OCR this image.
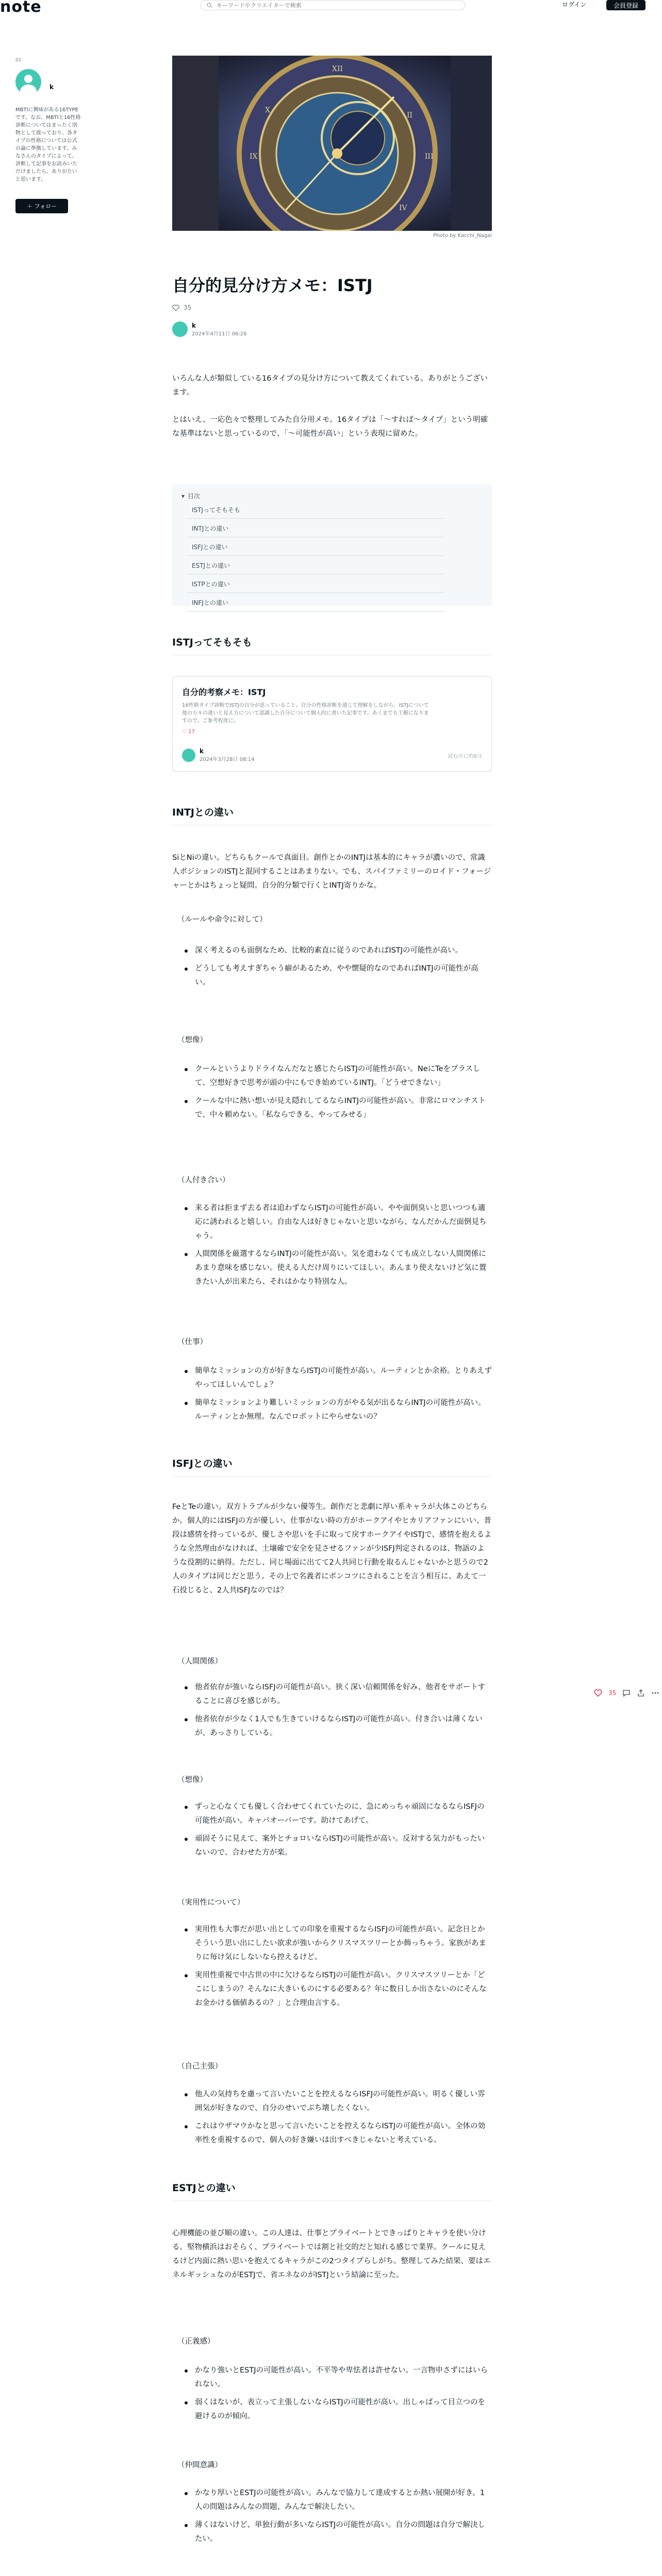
note
キーワードやクリエイターで検索	ログイン	会員登録
01
k
MBTIに興味がある16TYPEです。なお、MBTIと16性格診断についてはまったく別物として扱っており、各タイプの性格については公式の論に準拠しています。みなさんのタイプによって、診断して記事をお読みいただけましたら、ありがたいと思います。
＋ フォロー
XII
II
III
IX
X
IV
Photo by Kacchi_Nagai
自分的見分け方メモ：ISTJ
35
k
2024年4月11日 06:26

いろんな人が類似している16タイプの見分け方について教えてくれている。ありがとうございます。

とはいえ、一応色々で整理してみた自分用メモ。16タイプは「〜すれば〜タイプ」という明確な基準はないと思っているので、「〜可能性が高い」という表現に留めた。

▾ 目次
ISTJってそもそも
INTJとの違い
ISFJとの違い
ESTJとの違い
ISTPとの違い
INFJとの違い
ISTJってそもそも
自分的考察メモ：ISTJ
16性格タイプ診断でISTJの自分が思っていること。自分の性格診断を通じて理解をしながら、ISTJについて他の方々の違いと見え方について認識した自分について個人的に書いた記事です。あくまでも主観になりますので、ご参考程度に。
♡ 17
k
2024年3月28日 08:14
読むのに約8分
INTJとの違い

SiとNiの違い。どちらもクールで真面目。創作とかのINTJは基本的にキャラが濃いので、常識人ポジションのISTJと混同することはあまりない。でも、スパイファミリーのロイド・フォージャーとかはちょっと疑問。自分的分類で行くとINTJ寄りかな。

（ルールや命令に対して）
深く考えるのも面倒なため、比較的素直に従うのであればISTJの可能性が高い。
どうしても考えすぎちゃう癖があるため、やや懐疑的なのであればINTJの可能性が高い。
（想像）
クールというよりドライなんだなと感じたらISTJの可能性が高い。NeにTeをプラスして、空想好きで思考が頭の中にもでき始めているINTJ。「どうせできない」
クールな中に熱い想いが見え隠れしてるならINTJの可能性が高い。非常にロマンチストで、中々頼めない。「私ならできる、やってみせる」
（人付き合い）
来る者は拒まず去る者は追わずならISTJの可能性が高い。やや面倒臭いと思いつつも適応に誘われると嬉しい。自由な人は好きじゃないと思いながら、なんだかんだ面倒見ちゃう。
人間関係を厳選するならINTJの可能性が高い。気を遣わなくても成立しない人間関係にあまり意味を感じない。使える人だけ周りにいてほしい。あんまり使えないけど気に置きたい人が出来たら、それはかなり特別な人。
（仕事）
簡単なミッションの方が好きならISTJの可能性が高い。ルーティンとか余裕。とりあえずやってほしいんでしょ？
簡単なミッションより難しいミッションの方がやる気が出るならINTJの可能性が高い。ルーティンとか無理。なんでロボットにやらせないの？
ISFJとの違い

FeとTeの違い。双方トラブルが少ない優等生。創作だと悲劇に厚い系キャラが大体このどちらか。個人的にはISFJの方が優しい、仕事がない時の方がホークアイやヒカリアファンにいい、普段は感情を持っているが、優しさや思いを手に取って戻すホークアイやISTJで、感情を抱えるような全然理由がなければ、土壌確で安全を見させるファンが少ISFJ判定されるのは、物語のような役割的に納得。ただし、同じ場面に出てて2人共同じ行動を取るんじゃないかと思うので2人のタイプは同じだと思う。その上で名義者にポンコツにされることを言う相互に、あえて一石投じると、2人共ISFJなのでは？

（人間関係）
他者依存が強いならISFJの可能性が高い。狭く深い信頼関係を好み、他者をサポートすることに喜びを感じがち。
他者依存が少なく1人でも生きていけるならISTJの可能性が高い。付き合いは薄くないが、あっさりしている。
（想像）
ずっと心なくても優しく合わせてくれていたのに、急にめっちゃ頑固になるならISFJの可能性が高い。キャパオーバーです。助けてあげて。
頑固そうに見えて、案外とチョロいならISTJの可能性が高い。反対する気力がもったいないので、合わせた方が楽。
（実用性について）
実用性も大事だが思い出としての印象を重視するならISFJの可能性が高い。記念日とかそういう思い出にしたい欲求が強いからクリスマスツリーとか飾っちゃう。家族があまりに毎け気にしないなら控えるけど。
実用性重視で中古世の中に欠けるならISTJの可能性が高い。クリスマスツリーとか「どこにしまうの？そんなに大きいものにする必要ある？年に数日しか出さないのにそんなお金かける価値あるの？」と合理由言する。
（自己主張）
他人の気持ちを慮って言いたいことを控えるならISFJの可能性が高い。明るく優しい雰囲気が好きなので、自分のせいでぶち壊したくない。
これはウザマウかなと思って言いたいことを控えるならISTJの可能性が高い。全体の効率性を重視するので、個人の好き嫌いは出すべきじゃないと考えている。
ESTJとの違い

心理機能の並び順の違い。この人達は、仕事とプライベートとできっぱりとキャラを使い分ける。堅物横浜はおそらく、プライベートでは割と社交的だと知れる感じで業界。クールに見えるけど内面に熱い思いを抱えてるキャラがこの2つタイプらしがち。整理してみた結果、要はエネルギッシュなのがESTJで、省エネなのがISTJという結論に至った。

（正義感）
かなり強いとESTJの可能性が高い。不平等や卑怯者は許せない。一言物申さずにはいられない。
弱くはないが、表立って主張しないならISTJの可能性が高い。出しゃばって目立つのを避けるのが傾向。
（仲間意識）
かなり厚いとESTJの可能性が高い。みんなで協力して達成するとか熱い展開が好き。1人の問題はみんなの問題、みんなで解決したい。
薄くはないけど、単独行動が多いならISTJの可能性が高い。自分の問題は自分で解決したい。

35
